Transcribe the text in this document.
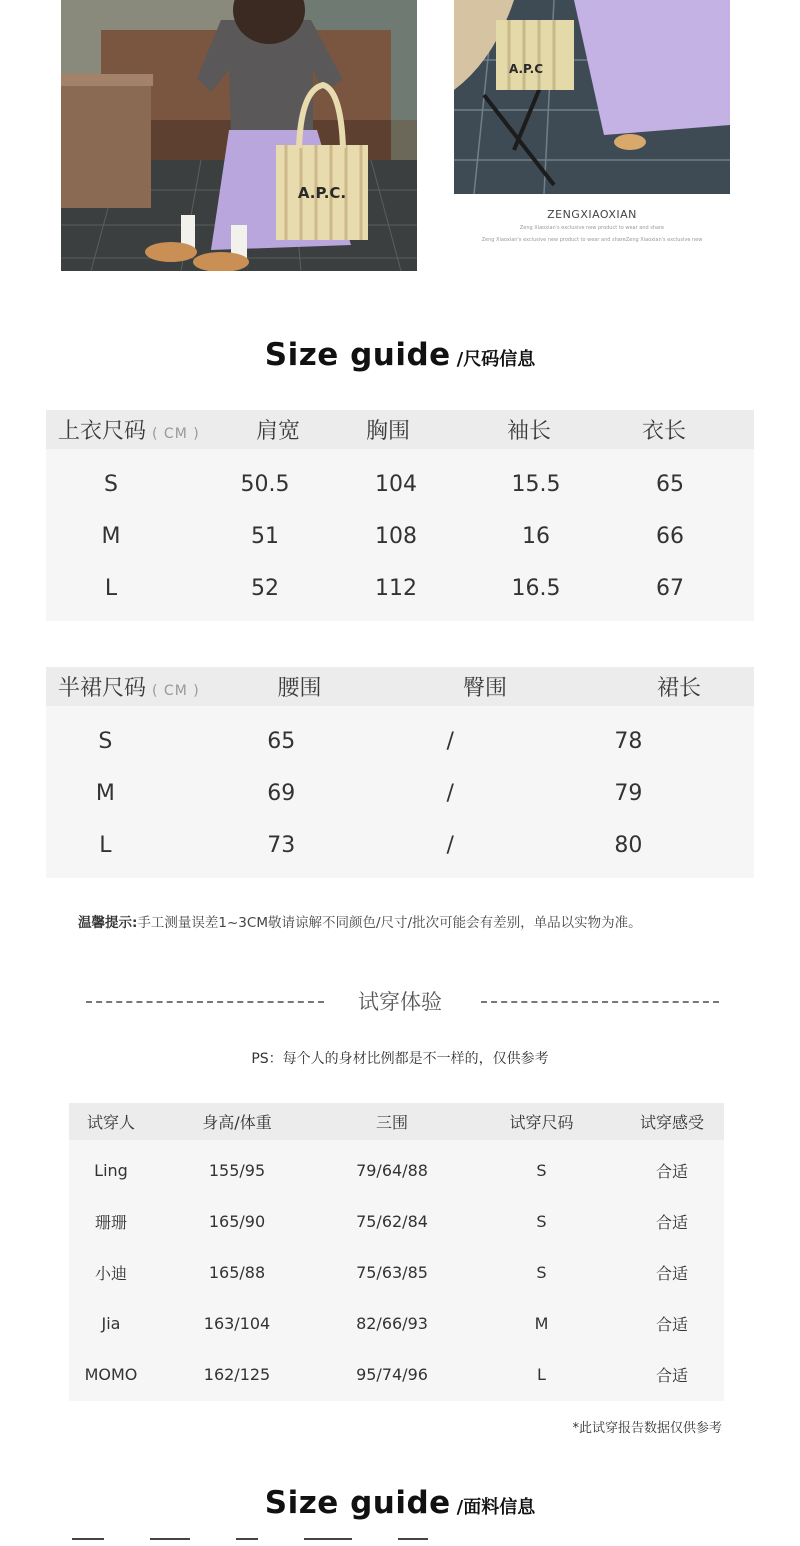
A.P.C.
A.P.C
ZENGXIAOXIAN
Zeng Xiaoxian's exclusive new product to wear and share
Zeng Xiaoxian's exclusive new product to wear and shareZeng Xiaoxian's exclusive new
Size guide /尺码信息
上衣尺码 ( CM )	肩宽	胸围	袖长	衣长
S	50.5	104	15.5	65
M	51	108	16	66
L	52	112	16.5	67
半裙尺码 ( CM )	腰围	臀围	裙长
S	65	/	78
M	69	/	79
L	73	/	80
温馨提示:手工测量误差1~3CM敬请谅解不同颜色/尺寸/批次可能会有差别，单品以实物为准。
试穿体验
PS：每个人的身材比例都是不一样的，仅供参考
试穿人	身高/体重	三围	试穿尺码	试穿感受
Ling	155/95	79/64/88	S	合适
珊珊	165/90	75/62/84	S	合适
小迪	165/88	75/63/85	S	合适
Jia	163/104	82/66/93	M	合适
MOMO	162/125	95/74/96	L	合适
*此试穿报告数据仅供参考
Size guide /面料信息
